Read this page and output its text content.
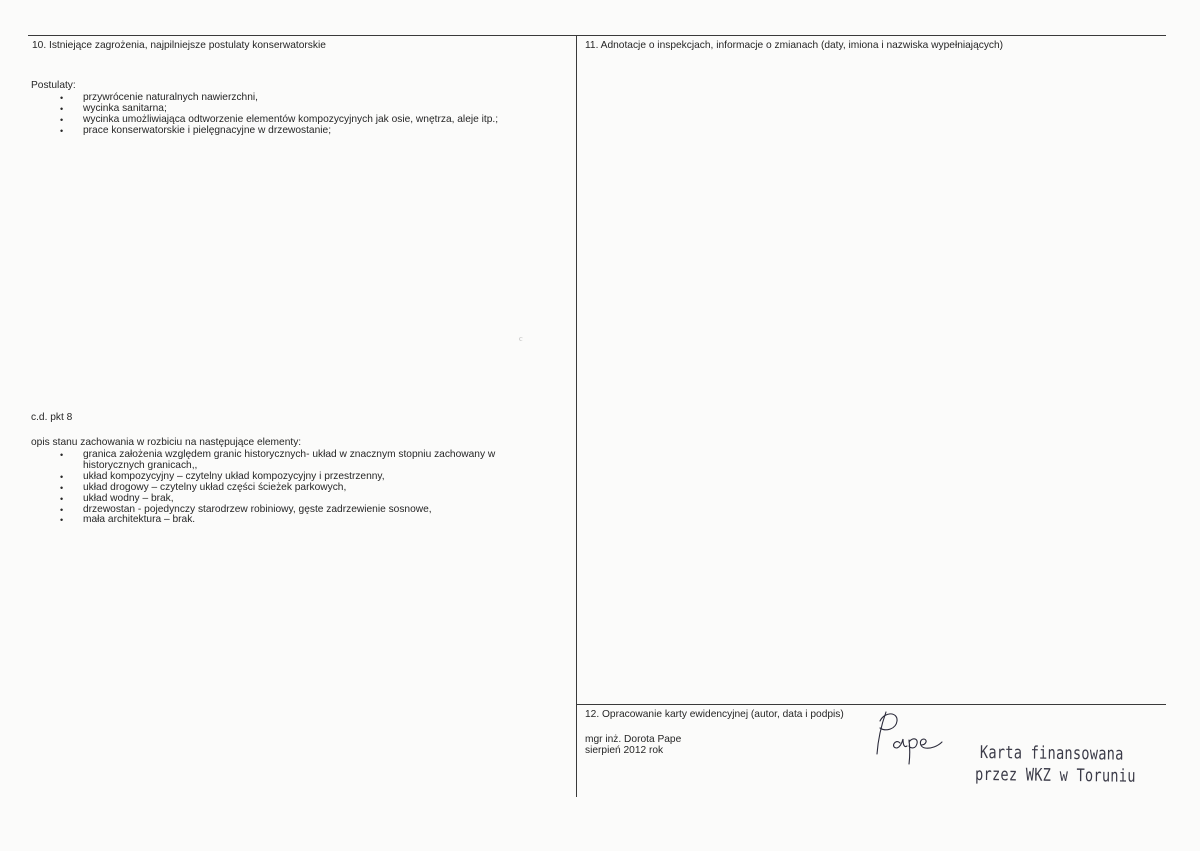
10. Istniejące zagrożenia, najpilniejsze postulaty konserwatorskie
Postulaty:
• przywrócenie naturalnych nawierzchni,
• wycinka sanitarna;
• wycinka umożliwiająca odtworzenie elementów kompozycyjnych jak osie, wnętrza, aleje itp.;
• prace konserwatorskie i pielęgnacyjne w drzewostanie;
c
c.d. pkt 8
opis stanu zachowania w rozbiciu na następujące elementy:
• granica założenia względem granic historycznych- układ w znacznym stopniu zachowany w historycznych granicach,,
• układ kompozycyjny – czytelny układ kompozycyjny i przestrzenny,
• układ drogowy – czytelny układ części ścieżek parkowych,
• układ wodny – brak,
• drzewostan - pojedynczy starodrzew robiniowy, gęste zadrzewienie sosnowe,
• mała architektura – brak.
11. Adnotacje o inspekcjach, informacje o zmianach (daty, imiona i nazwiska wypełniających)
12. Opracowanie karty ewidencyjnej (autor, data i podpis)
mgr inż. Dorota Pape
sierpień 2012 rok	Karta finansowana
przez WKZ w Toruniu
